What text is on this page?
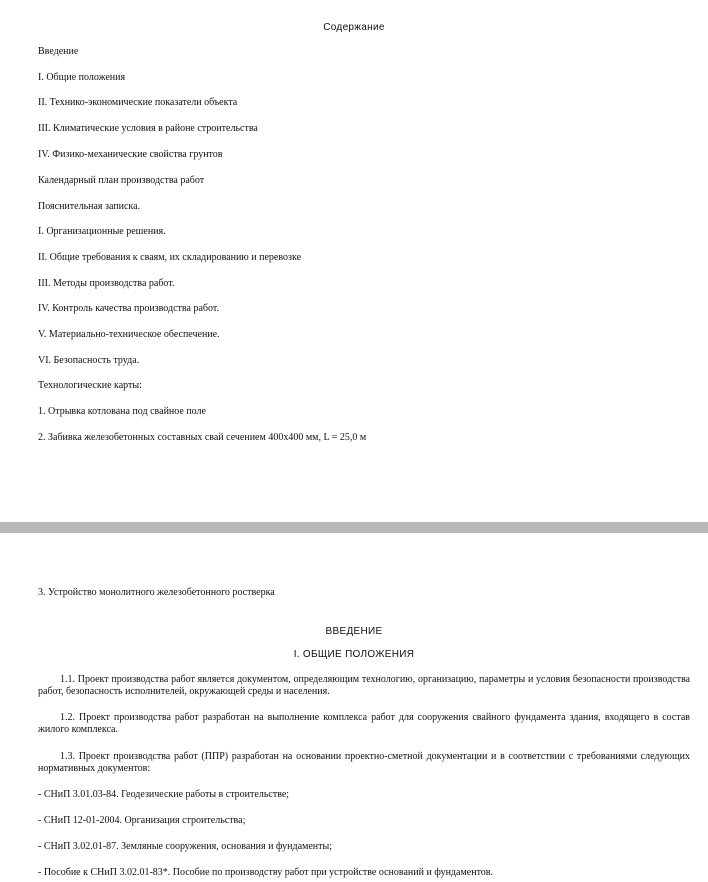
Содержание
Введение
I. Общие положения
II. Технико-экономические показатели объекта
III. Климатические условия в районе строительства
IV. Физико-механические свойства грунтов
Календарный план производства работ
Пояснительная записка.
I. Организационные решения.
II. Общие требования к сваям, их складированию и перевозке
III. Методы производства работ.
IV. Контроль качества производства работ.
V. Материально-техническое обеспечение.
VI. Безопасность труда.
Технологические карты:
1. Отрывка котлована под свайное поле
2. Забивка железобетонных составных свай сечением 400х400 мм, L = 25,0 м
3. Устройство монолитного железобетонного ростверка
ВВЕДЕНИЕ
I. ОБЩИЕ ПОЛОЖЕНИЯ
1.1. Проект производства работ является документом, определяющим технологию, организацию, параметры и условия безопасности производства работ, безопасность исполнителей, окружающей среды и населения.
1.2. Проект производства работ разработан на выполнение комплекса работ для сооружения свайного фундамента здания, входящего в состав жилого комплекса.
1.3. Проект производства работ (ППР) разработан на основании проектно-сметной документации и в соответствии с требованиями следующих нормативных документов:
- СНиП 3.01.03-84. Геодезические работы в строительстве;
- СНиП 12-01-2004. Организация строительства;
- СНиП 3.02.01-87. Земляные сооружения, основания и фундаменты;
- Пособие к СНиП 3.02.01-83*. Пособие по производству работ при устройстве оснований и фундаментов.
